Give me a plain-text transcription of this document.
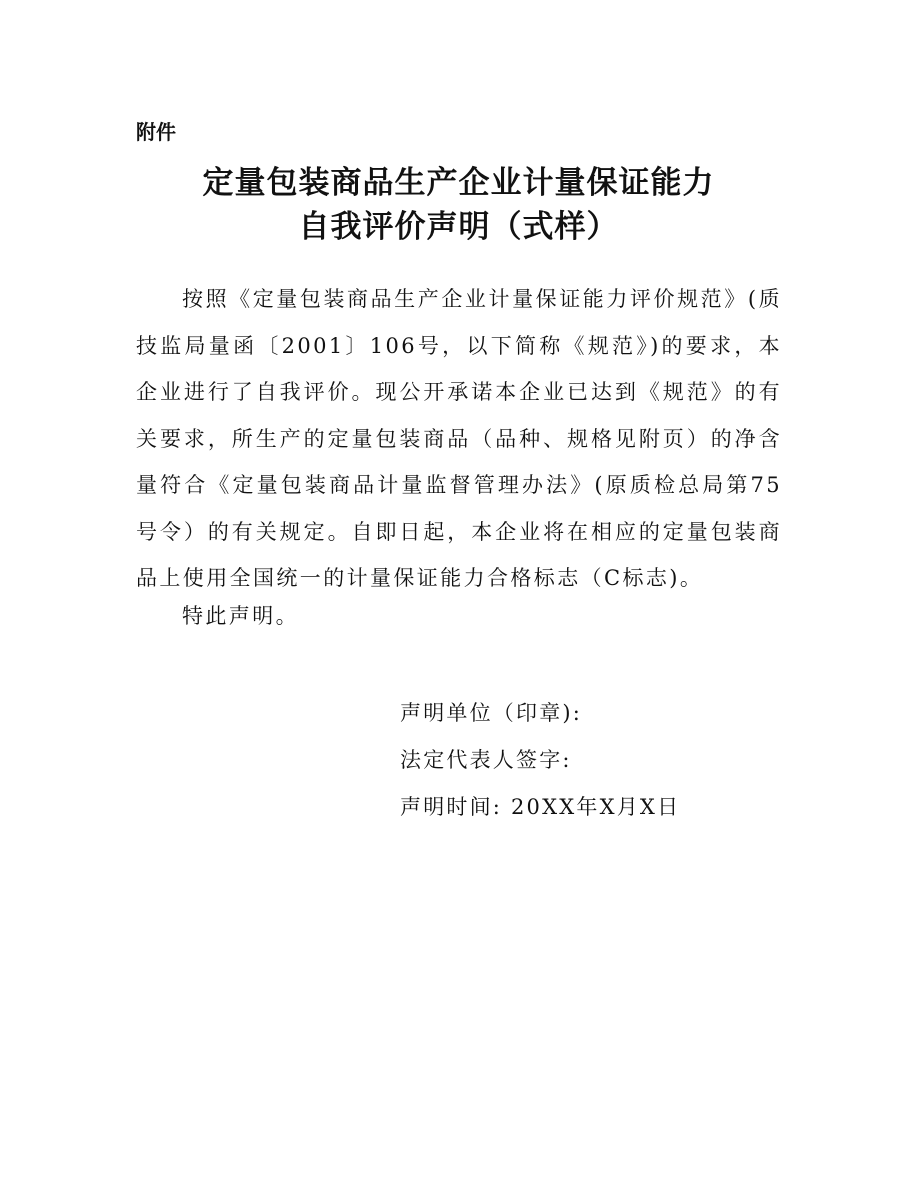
附件
定量包装商品生产企业计量保证能力
自我评价声明（式样）

按照《定量包装商品生产企业计量保证能力评价规范》(质技监局量函〔2001〕106号，以下简称《规范》)的要求，本企业进行了自我评价。现公开承诺本企业已达到《规范》的有关要求，所生产的定量包装商品（品种、规格见附页）的净含量符合《定量包装商品计量监督管理办法》(原质检总局第75号令）的有关规定。自即日起，本企业将在相应的定量包装商品上使用全国统一的计量保证能力合格标志（C标志)。

特此声明。
声明单位（印章):
法定代表人签字:
声明时间: 20XX年X月X日
